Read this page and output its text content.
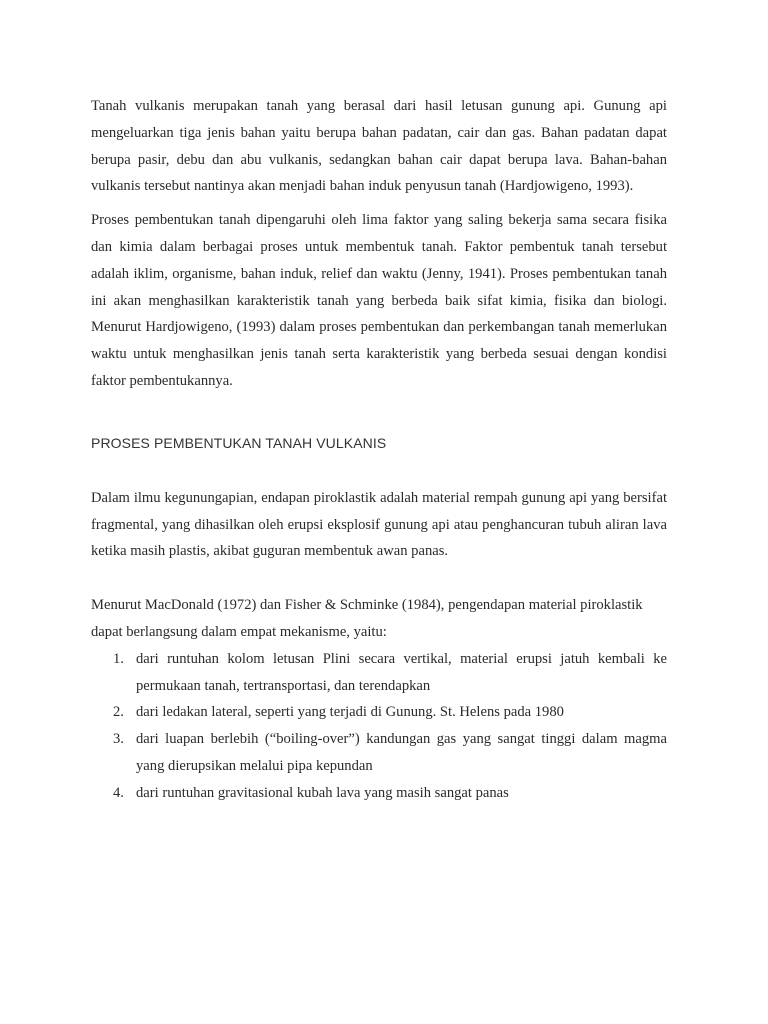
Tanah vulkanis merupakan tanah yang berasal dari hasil letusan gunung api. Gunung api mengeluarkan tiga jenis bahan yaitu berupa bahan padatan, cair dan gas. Bahan padatan dapat berupa pasir, debu dan abu vulkanis, sedangkan bahan cair dapat berupa lava. Bahan-bahan vulkanis tersebut nantinya akan menjadi bahan induk penyusun tanah (Hardjowigeno, 1993).

Proses pembentukan tanah dipengaruhi oleh lima faktor yang saling bekerja sama secara fisika dan kimia dalam berbagai proses untuk membentuk tanah. Faktor pembentuk tanah tersebut adalah iklim, organisme, bahan induk, relief dan waktu (Jenny, 1941). Proses pembentukan tanah ini akan menghasilkan karakteristik tanah yang berbeda baik sifat kimia, fisika dan biologi. Menurut Hardjowigeno, (1993) dalam proses pembentukan dan perkembangan tanah memerlukan waktu untuk menghasilkan jenis tanah serta karakteristik yang berbeda sesuai dengan kondisi faktor pembentukannya.

PROSES PEMBENTUKAN TANAH VULKANIS

Dalam ilmu kegunungapian, endapan piroklastik adalah material rempah gunung api yang bersifat fragmental, yang dihasilkan oleh erupsi eksplosif gunung api atau penghancuran tubuh aliran lava ketika masih plastis, akibat guguran membentuk awan panas.

Menurut MacDonald (1972) dan Fisher & Schminke (1984), pengendapan material piroklastik dapat berlangsung dalam empat mekanisme, yaitu:

1. dari runtuhan kolom letusan Plini secara vertikal, material erupsi jatuh kembali ke permukaan tanah, tertransportasi, dan terendapkan
2. dari ledakan lateral, seperti yang terjadi di Gunung. St. Helens pada 1980
3. dari luapan berlebih (“boiling-over”) kandungan gas yang sangat tinggi dalam magma yang dierupsikan melalui pipa kepundan
4. dari runtuhan gravitasional kubah lava yang masih sangat panas
